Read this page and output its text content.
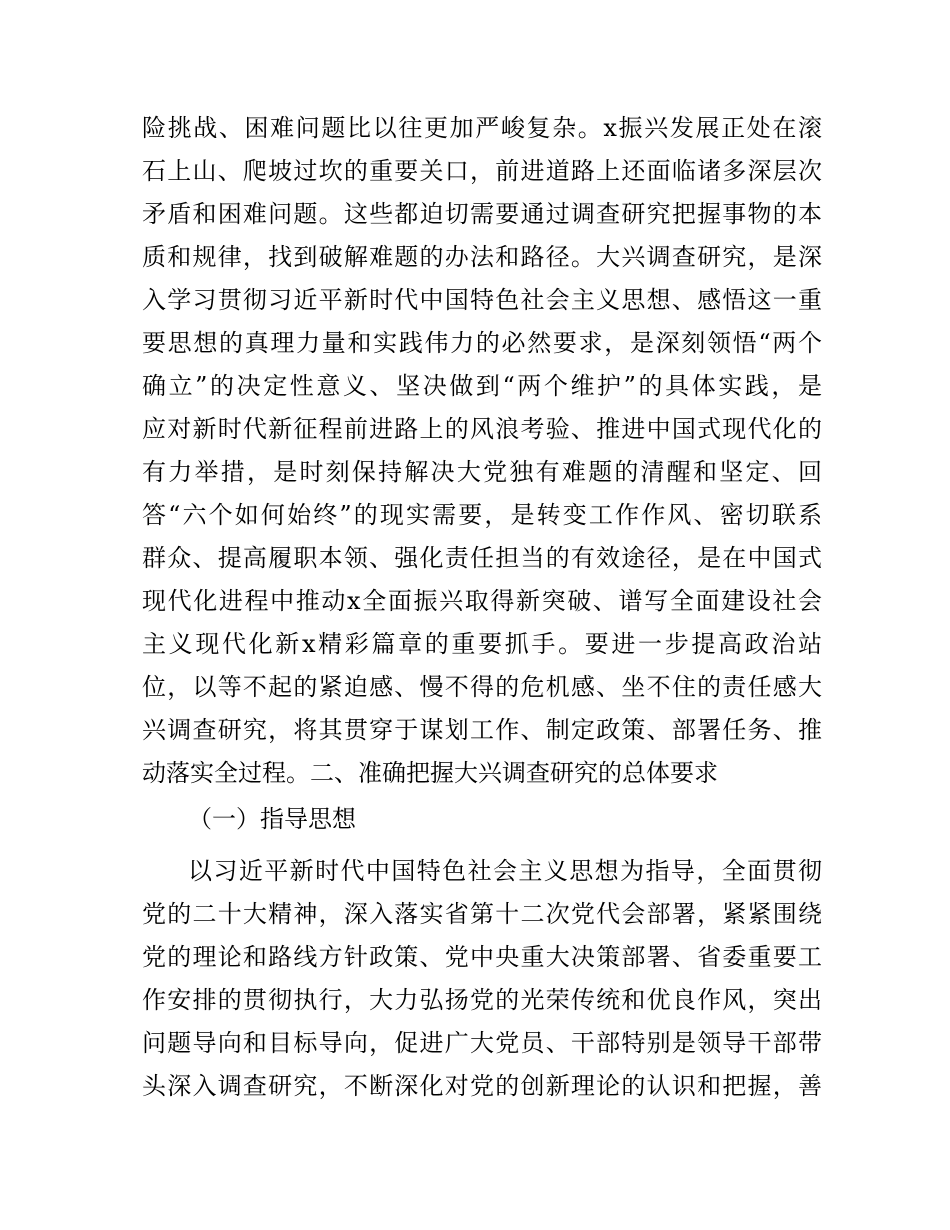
险挑战、困难问题比以往更加严峻复杂。x振兴发展正处在滚
石上山、爬坡过坎的重要关口，前进道路上还面临诸多深层次
矛盾和困难问题。这些都迫切需要通过调查研究把握事物的本
质和规律，找到破解难题的办法和路径。大兴调查研究，是深
入学习贯彻习近平新时代中国特色社会主义思想、感悟这一重
要思想的真理力量和实践伟力的必然要求，是深刻领悟“两个
确立”的决定性意义、坚决做到“两个维护”的具体实践，是
应对新时代新征程前进路上的风浪考验、推进中国式现代化的
有力举措，是时刻保持解决大党独有难题的清醒和坚定、回
答“六个如何始终”的现实需要，是转变工作作风、密切联系
群众、提高履职本领、强化责任担当的有效途径，是在中国式
现代化进程中推动x全面振兴取得新突破、谱写全面建设社会
主义现代化新x精彩篇章的重要抓手。要进一步提高政治站
位，以等不起的紧迫感、慢不得的危机感、坐不住的责任感大
兴调查研究，将其贯穿于谋划工作、制定政策、部署任务、推
动落实全过程。二、准确把握大兴调查研究的总体要求
（一）指导思想
以习近平新时代中国特色社会主义思想为指导，全面贯彻
党的二十大精神，深入落实省第十二次党代会部署，紧紧围绕
党的理论和路线方针政策、党中央重大决策部署、省委重要工
作安排的贯彻执行，大力弘扬党的光荣传统和优良作风，突出
问题导向和目标导向，促进广大党员、干部特别是领导干部带
头深入调查研究，不断深化对党的创新理论的认识和把握，善
